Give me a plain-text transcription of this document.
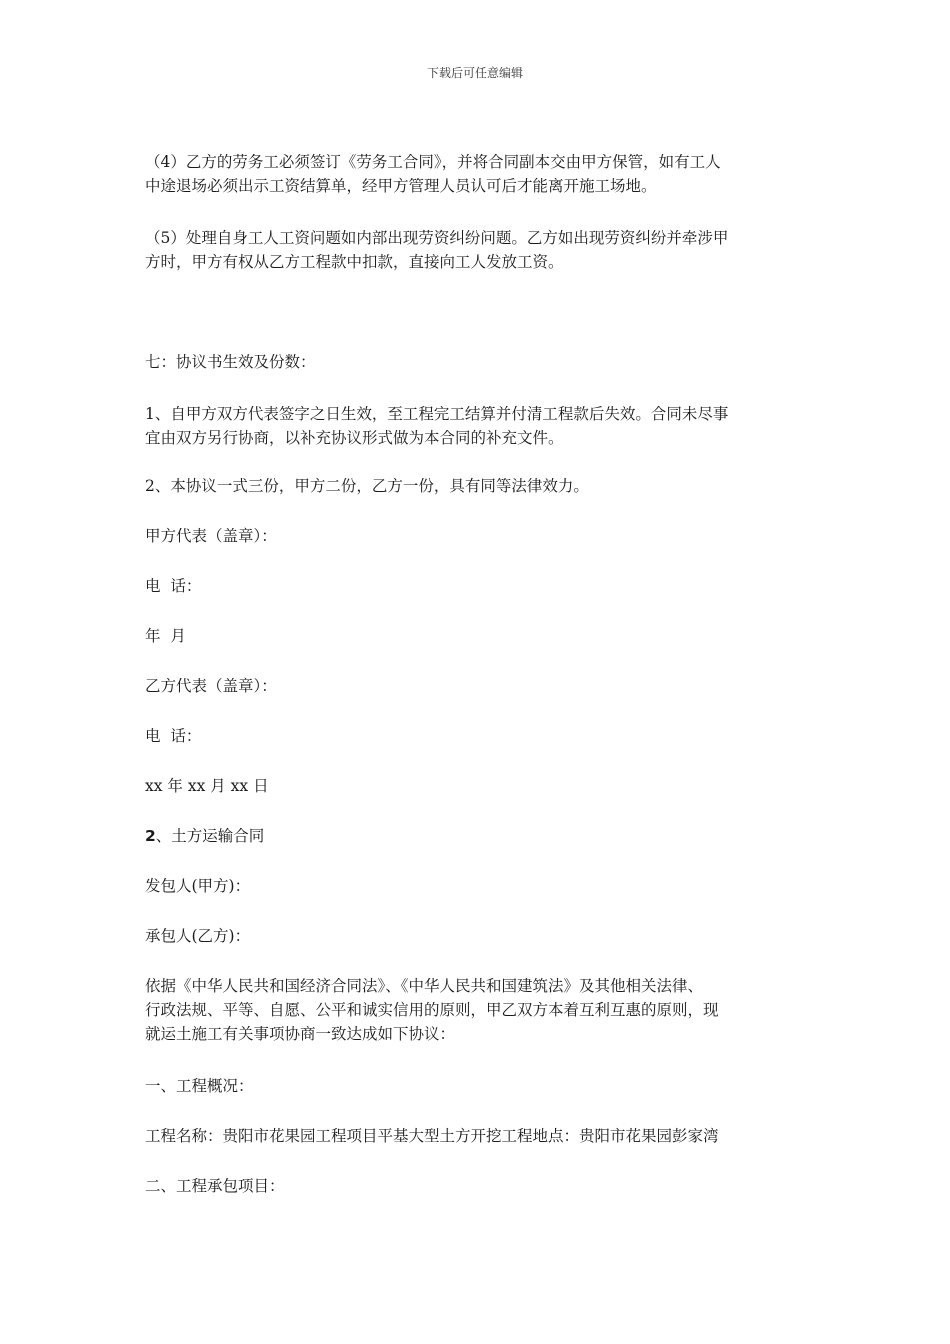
下载后可任意编辑
（4）乙方的劳务工必须签订《劳务工合同》，并将合同副本交由甲方保管，如有工人
中途退场必须出示工资结算单，经甲方管理人员认可后才能离开施工场地。
（5）处理自身工人工资问题如内部出现劳资纠纷问题。乙方如出现劳资纠纷并牵涉甲
方时，甲方有权从乙方工程款中扣款，直接向工人发放工资。
七：协议书生效及份数：
1、自甲方双方代表签字之日生效，至工程完工结算并付清工程款后失效。合同未尽事
宜由双方另行协商，以补充协议形式做为本合同的补充文件。
2、本协议一式三份，甲方二份，乙方一份，具有同等法律效力。
甲方代表（盖章）：
电  话：
年  月
乙方代表（盖章）：
电  话：
xx 年 xx 月 xx 日
2、土方运输合同
发包人(甲方)：
承包人(乙方)：
依据《中华人民共和国经济合同法》、《中华人民共和国建筑法》及其他相关法律、
行政法规、平等、自愿、公平和诚实信用的原则，甲乙双方本着互利互惠的原则，现
就运土施工有关事项协商一致达成如下协议：
一、工程概况：
工程名称：贵阳市花果园工程项目平基大型土方开挖工程地点：贵阳市花果园彭家湾
二、工程承包项目：
